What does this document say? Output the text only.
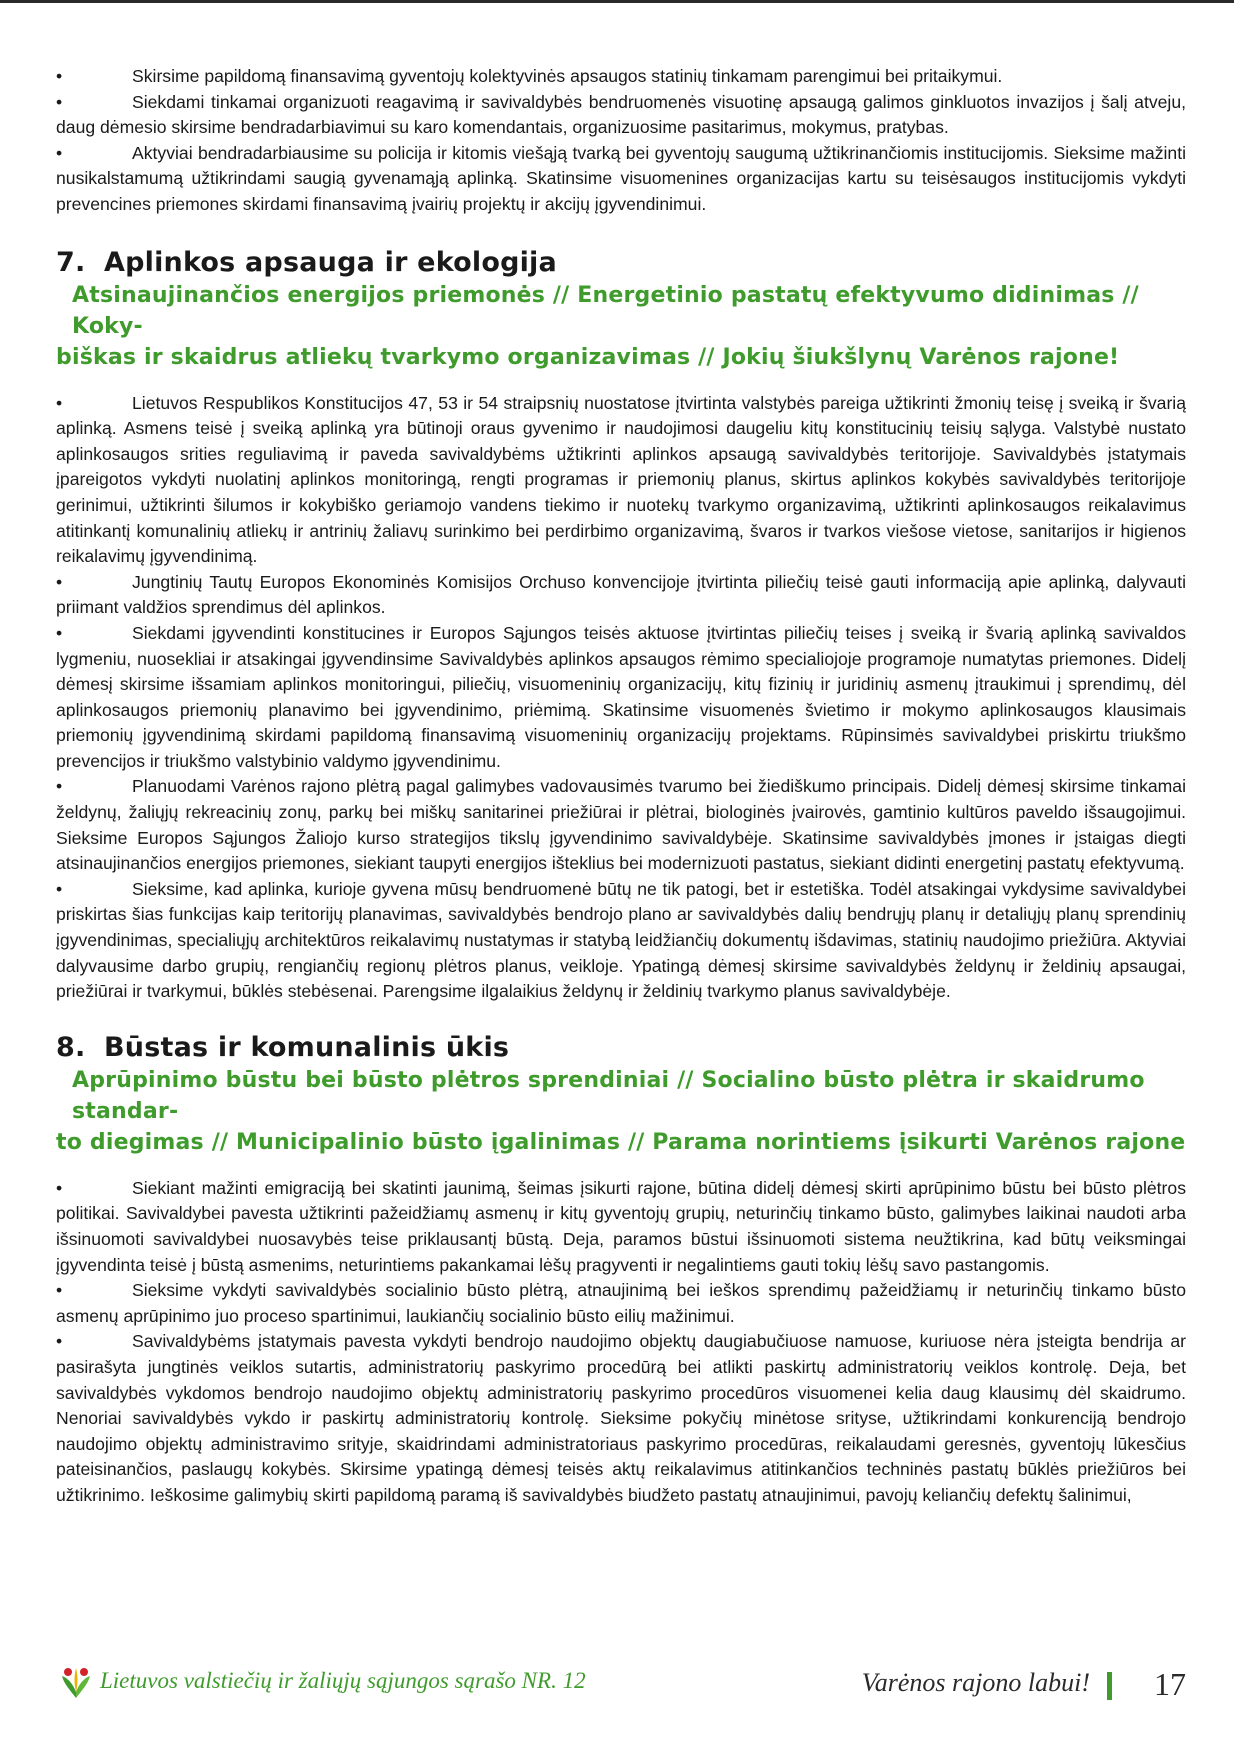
•	Skirsime papildomą finansavimą gyventojų kolektyvinės apsaugos statinių tinkamam parengimui bei pritaikymui.

•	Siekdami tinkamai organizuoti reagavimą ir savivaldybės bendruomenės visuotinę apsaugą galimos ginkluotos invazijos į šalį atveju, daug dėmesio skirsime bendradarbiavimui su karo komendantais, organizuosime pasitarimus, mokymus, pratybas.

•	Aktyviai bendradarbiausime su policija ir kitomis viešąją tvarką bei gyventojų saugumą užtikrinančiomis institucijomis. Sieksime mažinti nusikalstamumą užtikrindami saugią gyvenamąją aplinką. Skatinsime visuomenines organizacijas kartu su teisėsaugos institucijomis vykdyti prevencines priemones skirdami finansavimą įvairių projektų ir akcijų įgyvendinimui.

7. Aplinkos apsauga ir ekologija
Atsinaujinančios energijos priemonės // Energetinio pastatų efektyvumo didinimas // Koky-
biškas ir skaidrus atliekų tvarkymo organizavimas // Jokių šiukšlynų Varėnos rajone!

•	Lietuvos Respublikos Konstitucijos 47, 53 ir 54 straipsnių nuostatose įtvirtinta valstybės pareiga užtikrinti žmonių teisę į sveiką ir švarią aplinką. Asmens teisė į sveiką aplinką yra būtinoji oraus gyvenimo ir naudojimosi daugeliu kitų konstitucinių teisių sąlyga. Valstybė nustato aplinkosaugos srities reguliavimą ir paveda savivaldybėms užtikrinti aplinkos apsaugą savivaldybės teritorijoje. Savivaldybės įstatymais įpareigotos vykdyti nuolatinį aplinkos monitoringą, rengti programas ir priemonių planus, skirtus aplinkos kokybės savivaldybės teritorijoje gerinimui, užtikrinti šilumos ir kokybiško geriamojo vandens tiekimo ir nuotekų tvarkymo organizavimą, užtikrinti aplinkosaugos reikalavimus atitinkantį komunalinių atliekų ir antrinių žaliavų surinkimo bei perdirbimo organizavimą, švaros ir tvarkos viešose vietose, sanitarijos ir higienos reikalavimų įgyvendinimą.

•	Jungtinių Tautų Europos Ekonominės Komisijos Orchuso konvencijoje įtvirtinta piliečių teisė gauti informaciją apie aplinką, dalyvauti priimant valdžios sprendimus dėl aplinkos.

•	Siekdami įgyvendinti konstitucines ir Europos Sąjungos teisės aktuose įtvirtintas piliečių teises į sveiką ir švarią aplinką savivaldos lygmeniu, nuosekliai ir atsakingai įgyvendinsime Savivaldybės aplinkos apsaugos rėmimo specialiojoje programoje numatytas priemones. Didelį dėmesį skirsime išsamiam aplinkos monitoringui, piliečių, visuomeninių organizacijų, kitų fizinių ir juridinių asmenų įtraukimui į sprendimų, dėl aplinkosaugos priemonių planavimo bei įgyvendinimo, priėmimą. Skatinsime visuomenės švietimo ir mokymo aplinkosaugos klausimais priemonių įgyvendinimą skirdami papildomą finansavimą visuomeninių organizacijų projektams. Rūpinsimės savivaldybei priskirtu triukšmo prevencijos ir triukšmo valstybinio valdymo įgyvendinimu.

•	Planuodami Varėnos rajono plėtrą pagal galimybes vadovausimės tvarumo bei žiediškumo principais. Didelį dėmesį skirsime tinkamai želdynų, žaliųjų rekreacinių zonų, parkų bei miškų sanitarinei priežiūrai ir plėtrai, biologinės įvairovės, gamtinio kultūros paveldo išsaugojimui. Sieksime Europos Sąjungos Žaliojo kurso strategijos tikslų įgyvendinimo savivaldybėje. Skatinsime savivaldybės įmones ir įstaigas diegti atsinaujinančios energijos priemones, siekiant taupyti energijos išteklius bei modernizuoti pastatus, siekiant didinti energetinį pastatų efektyvumą.

•	Sieksime, kad aplinka, kurioje gyvena mūsų bendruomenė būtų ne tik patogi, bet ir estetiška. Todėl atsakingai vykdysime savivaldybei priskirtas šias funkcijas kaip teritorijų planavimas, savivaldybės bendrojo plano ar savivaldybės dalių bendrųjų planų ir detaliųjų planų sprendinių įgyvendinimas, specialiųjų architektūros reikalavimų nustatymas ir statybą leidžiančių dokumentų išdavimas, statinių naudojimo priežiūra. Aktyviai dalyvausime darbo grupių, rengiančių regionų plėtros planus, veikloje. Ypatingą dėmesį skirsime savivaldybės želdynų ir želdinių apsaugai, priežiūrai ir tvarkymui, būklės stebėsenai. Parengsime ilgalaikius želdynų ir želdinių tvarkymo planus savivaldybėje.

8. Būstas ir komunalinis ūkis
Aprūpinimo būstu bei būsto plėtros sprendiniai // Socialino būsto plėtra ir skaidrumo standar-
to diegimas // Municipalinio būsto įgalinimas // Parama norintiems įsikurti Varėnos rajone

•	Siekiant mažinti emigraciją bei skatinti jaunimą, šeimas įsikurti rajone, būtina didelį dėmesį skirti aprūpinimo būstu bei būsto plėtros politikai. Savivaldybei pavesta užtikrinti pažeidžiamų asmenų ir kitų gyventojų grupių, neturinčių tinkamo būsto, galimybes laikinai naudoti arba išsinuomoti savivaldybei nuosavybės teise priklausantį būstą. Deja, paramos būstui išsinuomoti sistema neužtikrina, kad būtų veiksmingai įgyvendinta teisė į būstą asmenims, neturintiems pakankamai lėšų pragyventi ir negalintiems gauti tokių lėšų savo pastangomis.

•	Sieksime vykdyti savivaldybės socialinio būsto plėtrą, atnaujinimą bei ieškos sprendimų pažeidžiamų ir neturinčių tinkamo būsto asmenų aprūpinimo juo proceso spartinimui, laukiančių socialinio būsto eilių mažinimui.

•	Savivaldybėms įstatymais pavesta vykdyti bendrojo naudojimo objektų daugiabučiuose namuose, kuriuose nėra įsteigta bendrija ar pasirašyta jungtinės veiklos sutartis, administratorių paskyrimo procedūrą bei atlikti paskirtų administratorių veiklos kontrolę. Deja, bet savivaldybės vykdomos bendrojo naudojimo objektų administratorių paskyrimo procedūros visuomenei kelia daug klausimų dėl skaidrumo. Nenoriai savivaldybės vykdo ir paskirtų administratorių kontrolę. Sieksime pokyčių minėtose srityse, užtikrindami konkurenciją bendrojo naudojimo objektų administravimo srityje, skaidrindami administratoriaus paskyrimo procedūras, reikalaudami geresnės, gyventojų lūkesčius pateisinančios, paslaugų kokybės. Skirsime ypatingą dėmesį teisės aktų reikalavimus atitinkančios techninės pastatų būklės priežiūros bei užtikrinimo. Ieškosime galimybių skirti papildomą paramą iš savivaldybės biudžeto pastatų atnaujinimui, pavojų keliančių defektų šalinimui,

Lietuvos valstiečių ir žaliųjų sąjungos sąrašo NR. 12	Varėnos rajono labui! 17
